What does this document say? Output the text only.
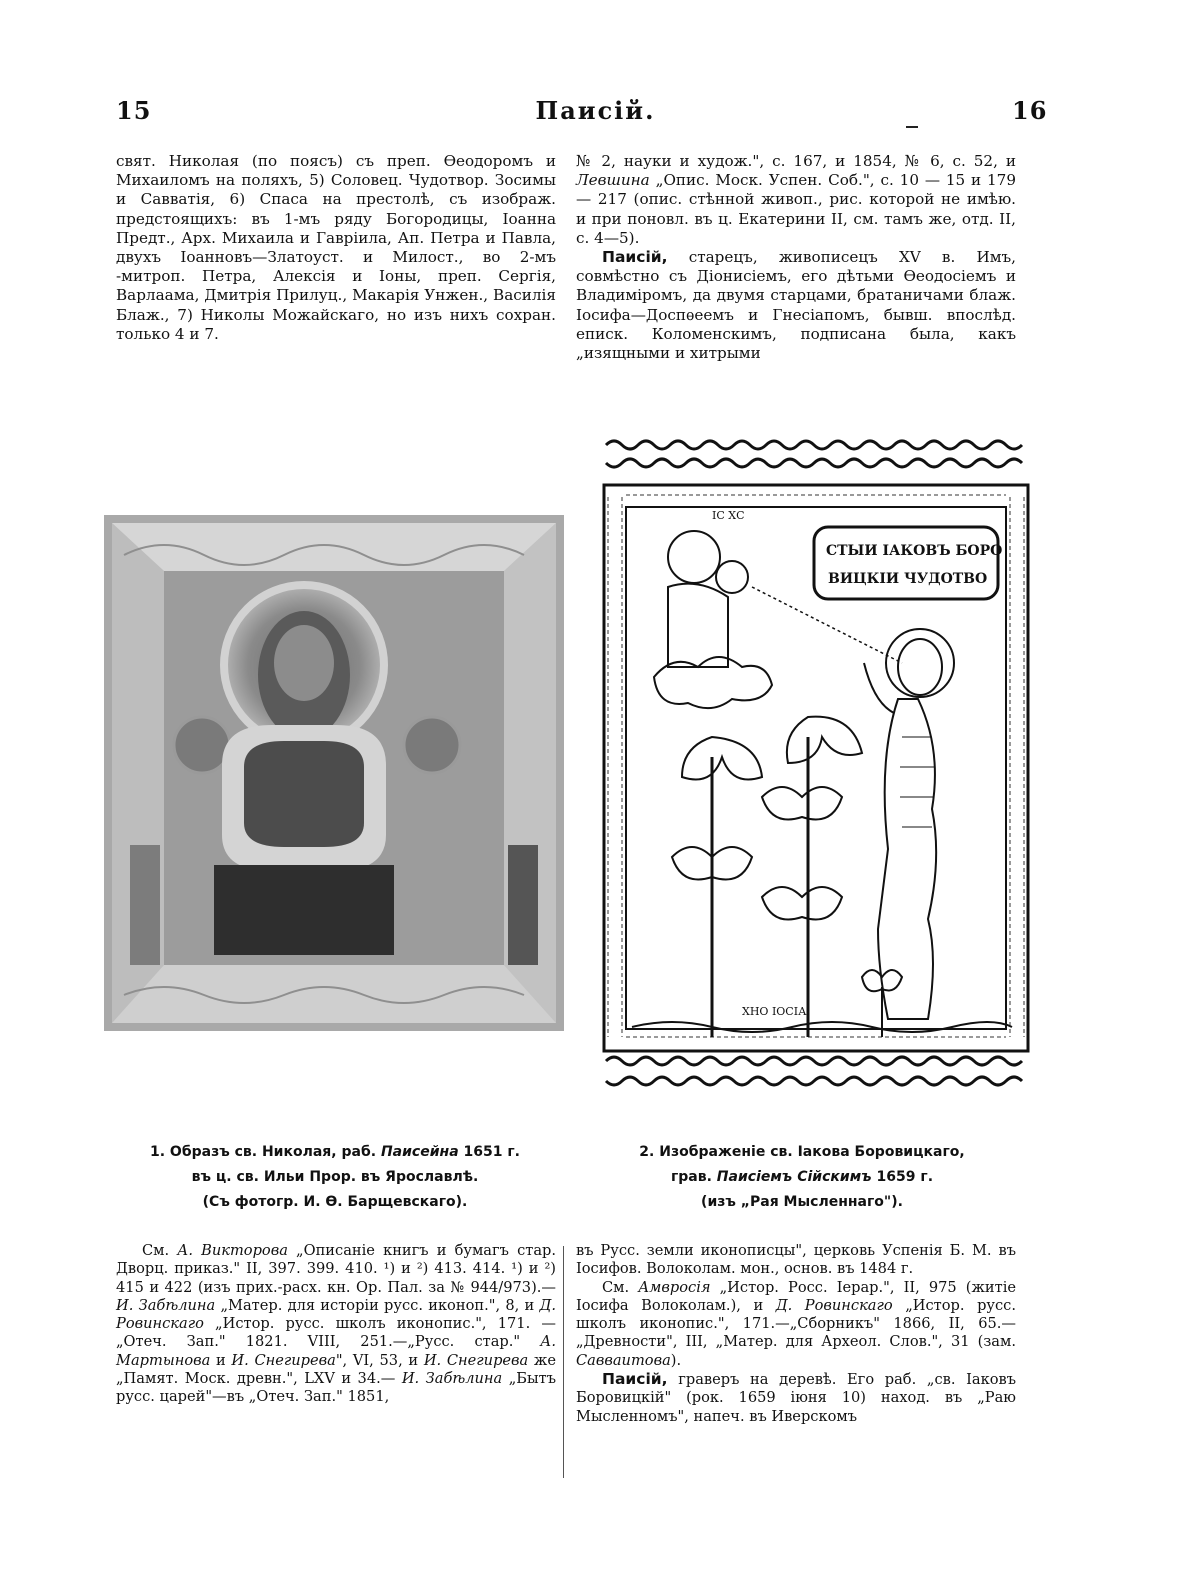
15	Паисій.	16

свят. Николая (по поясъ) съ преп. Өеодоромъ и Михаиломъ на поляхъ, 5) Соловец. Чудотвор. Зосимы и Савватія, 6) Спаса на престолѣ, съ изображ. предстоящихъ: въ 1-мъ ряду Богородицы, Іоанна Предт., Арх. Михаила и Гавріила, Ап. Петра и Павла, двухъ Іоанновъ—Златоуст. и Милост., во 2-мъ -митроп. Петра, Алексія и Іоны, преп. Сергія, Варлаама, Дмитрія Прилуц., Макарія Унжен., Василія Блаж., 7) Николы Можайскаго, но изъ нихъ сохран. только 4 и 7.

№ 2, науки и худож.", с. 167, и 1854, № 6, с. 52, и Левшина „Опис. Моск. Успен. Соб.", с. 10 — 15 и 179 — 217 (опис. стѣнной живоп., рис. которой не имѣю. и при поновл. въ ц. Екатерини II, см. тамъ же, отд. II, с. 4—5).

Паисій, старецъ, живописецъ XV в. Имъ, совмѣстно съ Діонисіемъ, его дѣтьми Өеодосіемъ и Владиміромъ, да двумя старцами, братаничами блаж. Іосифа—Доспѳеемъ и Гнесіапомъ, бывш. впослѣд. еписк. Коломенскимъ, подписана была, какъ „изящными и хитрыми

ІС ХС
СТЫИ ІАКОВЪ БОРО
ВИЦКІИ ЧУДОТВО
ХНО ІОСІА
1. Образъ св. Николая, раб. Паисейна 1651 г.
въ ц. св. Ильи Прор. въ Ярославлѣ.
(Съ фотогр. И. Ө. Барщевскаго).
2. Изображеніе св. Іакова Боровицкаго,
грав. Паисіемъ Сійскимъ 1659 г.
(изъ „Рая Мысленнаго").

См. А. Викторова „Описаніе книгъ и бумагъ стар. Дворц. приказ." II, 397. 399. 410. ¹) и ²) 413. 414. ¹) и ²) 415 и 422 (изъ прих.-расх. кн. Ор. Пал. за № 944/973).—И. Забѣлина „Матер. для исторіи русс. иконоп.", 8, и Д. Ровинскаго „Истор. русс. школъ иконопис.", 171. — „Отеч. Зап." 1821. VIII, 251.—„Русс. стар." А. Мартынова и И. Снегирева", VI, 53, и И. Снегирева же „Памят. Моск. древн.", LXV и 34.— И. Забѣлина „Бытъ русс. царей"—въ „Отеч. Зап." 1851,

въ Русс. земли иконописцы", церковь Успенія Б. М. въ Іосифов. Волоколам. мон., основ. въ 1484 г.

См. Амвросія „Истор. Росс. Іерар.", II, 975 (житіе Іосифа Волоколам.), и Д. Ровинскаго „Истор. русс. школъ иконопис.", 171.—„Сборникъ" 1866, II, 65.—„Древности", III, „Матер. для Археол. Слов.", 31 (зам. Савваитова).

Паисій, граверъ на деревѣ. Его раб. „св. Іаковъ Боровицкій" (рок. 1659 іюня 10) наход. въ „Раю Мысленномъ", напеч. въ Иверскомъ
